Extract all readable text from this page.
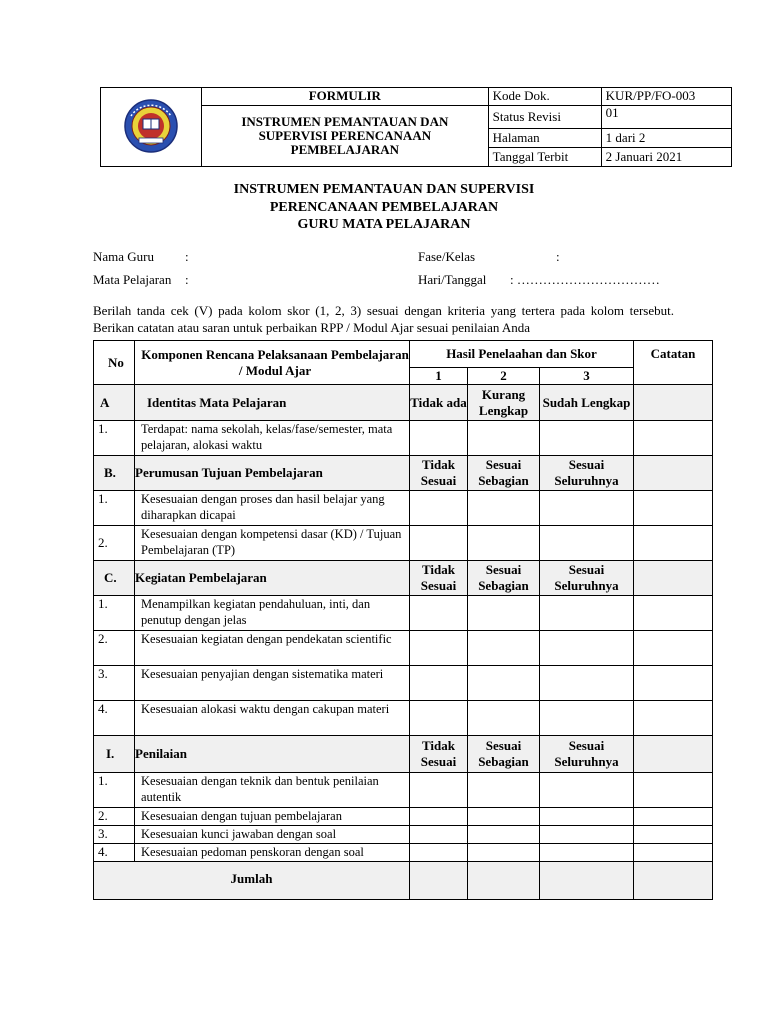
	FORMULIR	Kode Dok.	KUR/PP/FO-003

	INSTRUMEN PEMANTAUAN DAN
SUPERVISI PERENCANAAN
PEMBELAJARAN	Status Revisi	01
		Halaman	1 dari 2
		Tanggal Terbit	2 Januari 2021
INSTRUMEN PEMANTAUAN DAN SUPERVISI
PERENCANAAN PEMBELAJARAN
GURU MATA PELAJARAN
Nama Guru :	Fase/Kelas	:
Mata Pelajaran :	Hari/Tanggal : ……………………………
Berilah tanda cek (V) pada kolom skor (1, 2, 3) sesuai dengan kriteria yang tertera pada kolom tersebut. Berikan catatan atau saran untuk perbaikan RPP / Modul Ajar sesuai penilaian Anda
No	Komponen Rencana Pelaksanaan Pembelajaran / Modul Ajar	Hasil Penelaahan dan Skor			Catatan
		1	2	3	
A	Identitas Mata Pelajaran	Tidak ada	Kurang Lengkap	Sudah Lengkap	
1.	Terdapat: nama sekolah, kelas/fase/semester, mata pelajaran, alokasi waktu				
B.	Perumusan Tujuan Pembelajaran	Tidak Sesuai	Sesuai Sebagian	Sesuai Seluruhnya	
1.	Kesesuaian dengan proses dan hasil belajar yang diharapkan dicapai				
2.	Kesesuaian dengan kompetensi dasar (KD) / Tujuan Pembelajaran (TP)				
C.	Kegiatan Pembelajaran	Tidak Sesuai	Sesuai Sebagian	Sesuai Seluruhnya	
1.	Menampilkan kegiatan pendahuluan, inti, dan penutup dengan jelas				
2.	Kesesuaian kegiatan dengan pendekatan scientific				
3.	Kesesuaian penyajian dengan sistematika materi				
4.	Kesesuaian alokasi waktu dengan cakupan materi				
I.	Penilaian	Tidak Sesuai	Sesuai Sebagian	Sesuai Seluruhnya	
1.	Kesesuaian dengan teknik dan bentuk penilaian autentik				
2.	Kesesuaian dengan tujuan pembelajaran				
3.	Kesesuaian kunci jawaban dengan soal				
4.	Kesesuaian pedoman penskoran dengan soal				
Jumlah					
